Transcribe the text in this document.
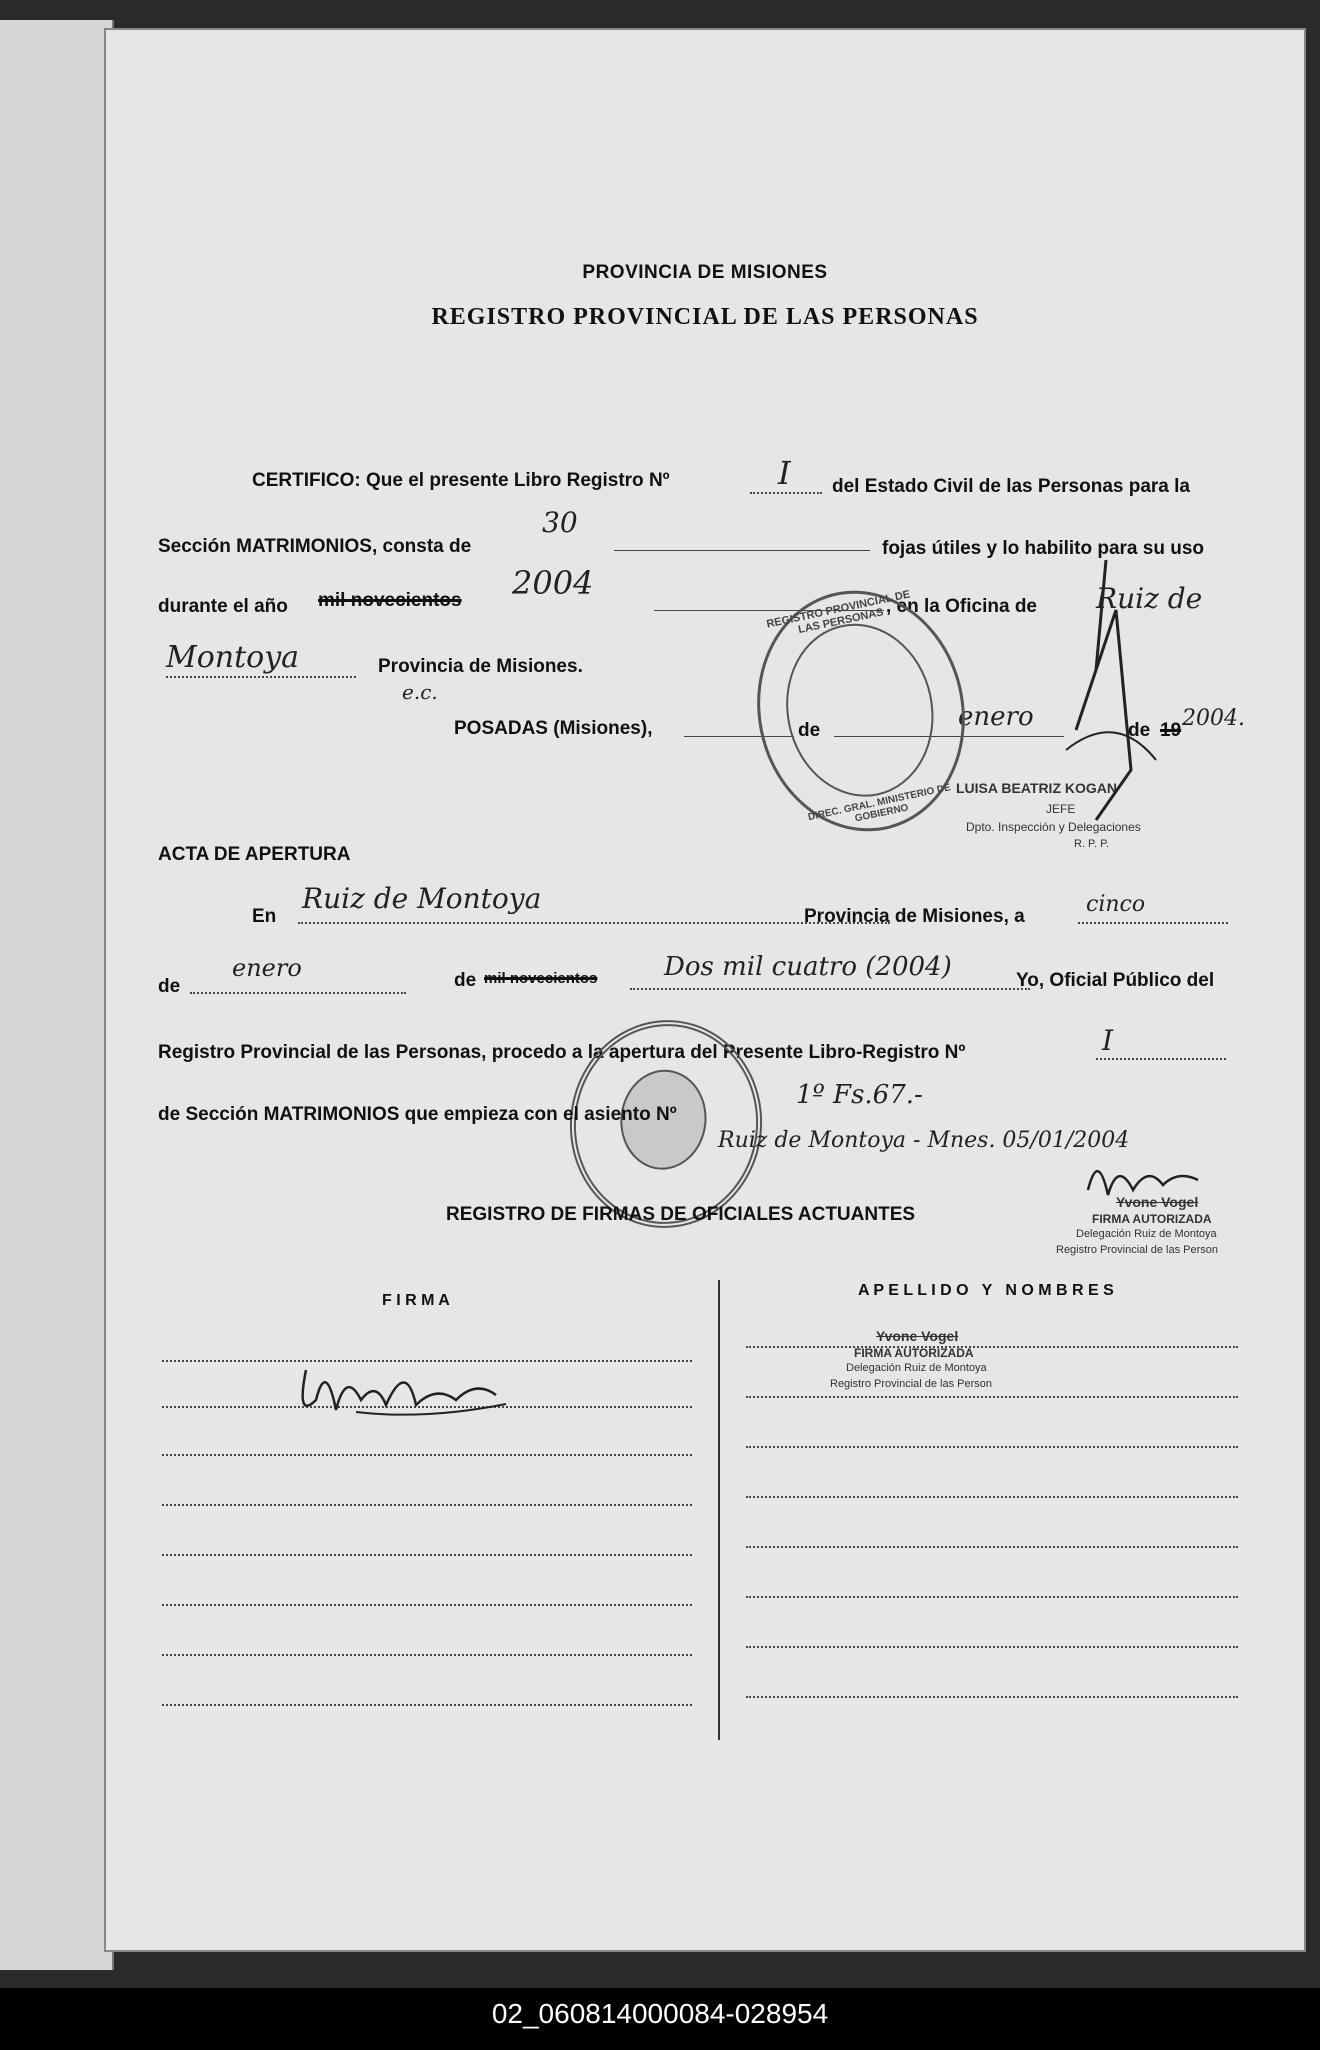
PROVINCIA DE MISIONES
REGISTRO PROVINCIAL DE LAS PERSONAS
CERTIFICO: Que el presente Libro Registro Nº	I del Estado Civil de las Personas para la
Sección MATRIMONIOS, consta de
30
fojas útiles y lo habilito para su uso
durante el año mil novecientos 2004
, en la Oficina de Ruiz de
Montoya	Provincia de Misiones.
e.c.
POSADAS (Misiones),	de	enero	de 19 2004.
REGISTRO PROVINCIAL DE LAS PERSONAS
DIREC. GRAL. MINISTERIO DE GOBIERNO
LUISA BEATRIZ KOGAN
JEFE
Dpto. Inspección y Delegaciones
R. P. P.
ACTA DE APERTURA
En
Ruiz de Montoya
Provincia de Misiones, a	cinco
de
enero	de mil novecientos	Dos mil cuatro (2004)	Yo, Oficial Público del
Registro Provincial de las Personas, procedo a la apertura del Presente Libro-Registro Nº	I
de Sección MATRIMONIOS que empieza con el asiento Nº
1º Fs.67.-
Ruiz de Montoya - Mnes. 05/01/2004
Yvone Vogel
FIRMA AUTORIZADA
Delegación Ruiz de Montoya
Registro Provincial de las Person
REGISTRO DE FIRMAS DE OFICIALES ACTUANTES
F I R M A
A P E L L I D O   Y   N O M B R E S
Yvone Vogel
FIRMA AUTORIZADA
Delegación Ruiz de Montoya
Registro Provincial de las Person
02_060814000084-028954
